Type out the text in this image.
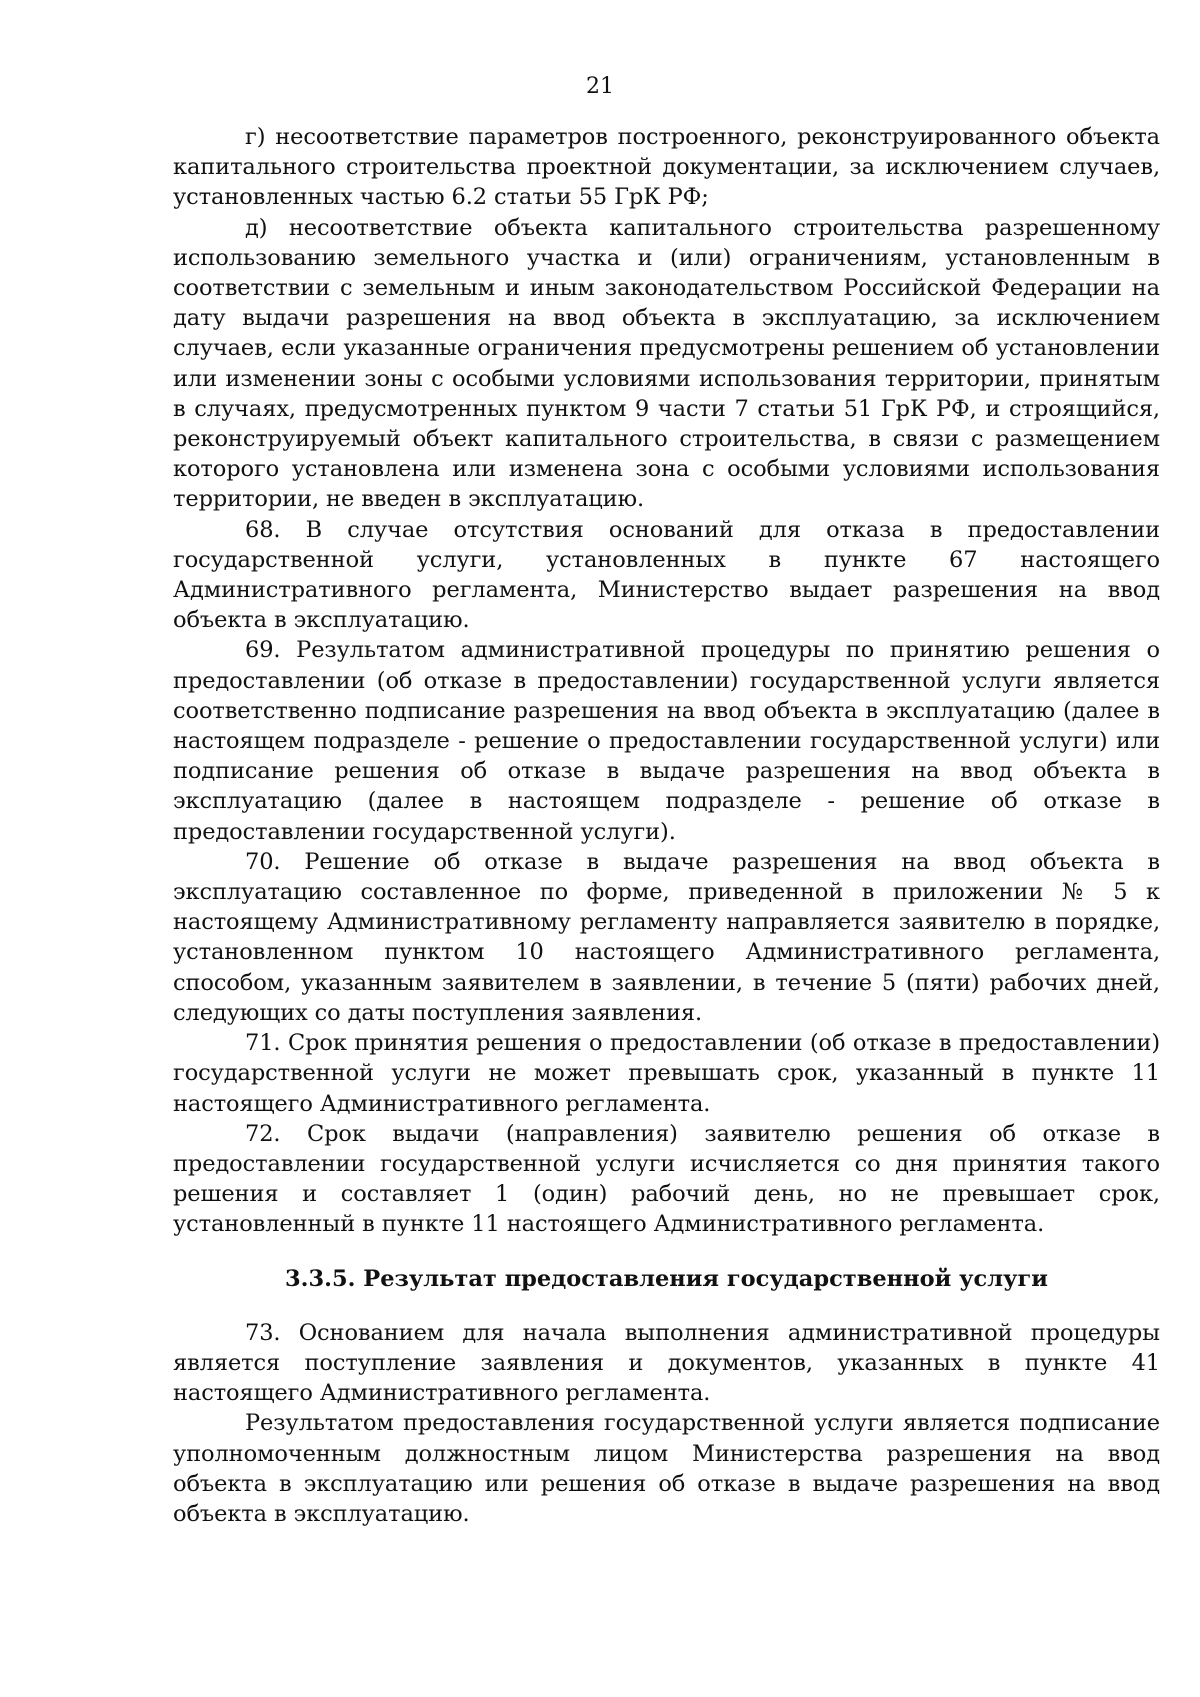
21

г) несоответствие параметров построенного, реконструированного объекта капитального строительства проектной документации, за исключением случаев, установленных частью 6.2 статьи 55 ГрК РФ;

д) несоответствие объекта капитального строительства разрешенному использованию земельного участка и (или) ограничениям, установленным в соответствии с земельным и иным законодательством Российской Федерации на дату выдачи разрешения на ввод объекта в эксплуатацию, за исключением случаев, если указанные ограничения предусмотрены решением об установлении или изменении зоны с особыми условиями использования территории, принятым в случаях, предусмотренных пунктом 9 части 7 статьи 51 ГрК РФ, и строящийся, реконструируемый объект капитального строительства, в связи с размещением которого установлена или изменена зона с особыми условиями использования территории, не введен в эксплуатацию.

68. В случае отсутствия оснований для отказа в предоставлении государственной услуги, установленных в пункте 67 настоящего Административного регламента, Министерство выдает разрешения на ввод объекта в эксплуатацию.

69. Результатом административной процедуры по принятию решения о предоставлении (об отказе в предоставлении) государственной услуги является соответственно подписание разрешения на ввод объекта в эксплуатацию (далее в настоящем подразделе - решение о предоставлении государственной услуги) или подписание решения об отказе в выдаче разрешения на ввод объекта в эксплуатацию (далее в настоящем подразделе - решение об отказе в предоставлении государственной услуги).

70. Решение об отказе в выдаче разрешения на ввод объекта в эксплуатацию составленное по форме, приведенной в приложении № 5 к настоящему Административному регламенту направляется заявителю в порядке, установленном пунктом 10 настоящего Административного регламента, способом, указанным заявителем в заявлении, в течение 5 (пяти) рабочих дней, следующих со даты поступления заявления.

71. Срок принятия решения о предоставлении (об отказе в предоставлении) государственной услуги не может превышать срок, указанный в пункте 11 настоящего Административного регламента.

72. Срок выдачи (направления) заявителю решения об отказе в предоставлении государственной услуги исчисляется со дня принятия такого решения и составляет 1 (один) рабочий день, но не превышает срок, установленный в пункте 11 настоящего Административного регламента.

3.3.5. Результат предоставления государственной услуги

73. Основанием для начала выполнения административной процедуры является поступление заявления и документов, указанных в пункте 41 настоящего Административного регламента.

Результатом предоставления государственной услуги является подписание уполномоченным должностным лицом Министерства разрешения на ввод объекта в эксплуатацию или решения об отказе в выдаче разрешения на ввод объекта в эксплуатацию.
